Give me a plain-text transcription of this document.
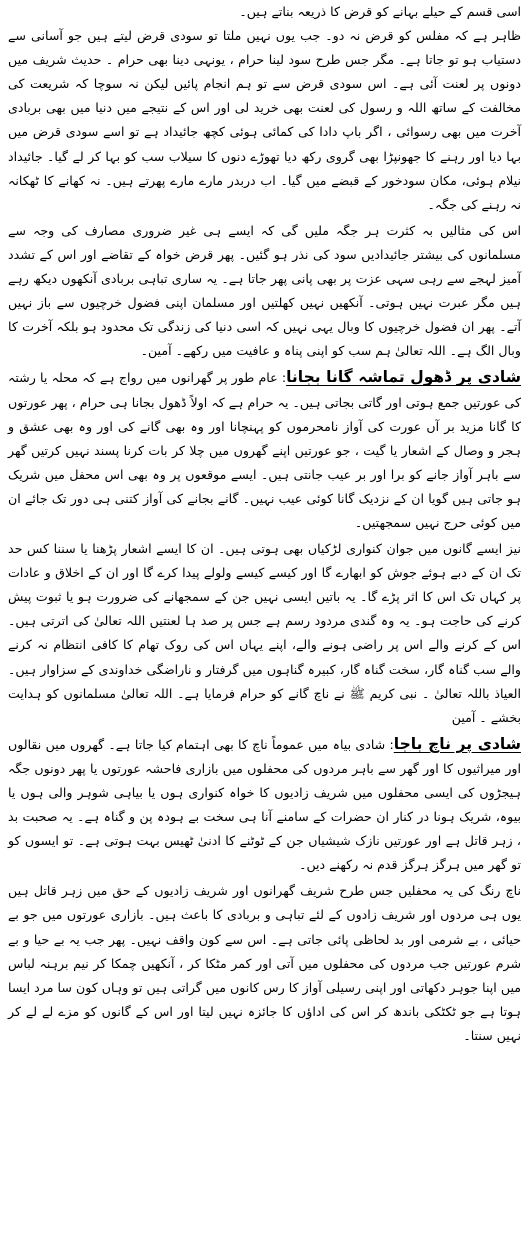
اسی قسم کے حیلے بہانے کو قرض کا ذریعہ بناتے ہیں۔

ظاہر ہے کہ مفلس کو قرض نہ دو۔ جب یوں نہیں ملتا تو سودی قرض لیتے ہیں جو آسانی سے دستیاب ہو تو جاتا ہے۔ مگر جس طرح سود لینا حرام ، یونہی دینا بھی حرام ۔ حدیث شریف میں دونوں پر لعنت آئی ہے۔ اس سودی قرض سے تو ہم انجام پائیں لیکن نہ سوچا کہ شریعت کی مخالفت کے ساتھ اللہ و رسول کی لعنت بھی خرید لی اور اس کے نتیجے میں دنیا میں بھی بربادی آخرت میں بھی رسوائی ، اگر باپ دادا کی کمائی ہوئی کچھ جائیداد ہے تو اسے سودی قرض میں بہا دیا اور رہنے کا جھونپڑا بھی گروی رکھ دیا تھوڑے دنوں کا سیلاب سب کو بہا کر لے گیا۔ جائیداد نیلام ہوئی، مکان سودخور کے قبضے میں گیا۔ اب دربدر مارے مارے پھرتے ہیں۔ نہ کھانے کا ٹھکانہ نہ رہنے کی جگہ۔

اس کی مثالیں بہ کثرت ہر جگہ ملیں گی کہ ایسے ہی غیر ضروری مصارف کی وجہ سے مسلمانوں کی بیشتر جائیدادیں سود کی نذر ہو گئیں۔ پھر قرض خواہ کے تقاضے اور اس کے تشدد آمیز لہجے سے رہی سہی عزت پر بھی پانی پھر جاتا ہے۔ یہ ساری تباہی بربادی آنکھوں دیکھ رہے ہیں مگر عبرت نہیں ہوتی۔ آنکھیں نہیں کھلتیں اور مسلمان اپنی فضول خرچیوں سے باز نہیں آتے۔ پھر ان فضول خرچیوں کا وبال یہی نہیں کہ اسی دنیا کی زندگی تک محدود ہو بلکہ آخرت کا وبال الگ ہے۔ اللہ تعالیٰ ہم سب کو اپنی پناہ و عافیت میں رکھے۔ آمین۔

شادی پر ڈھول تماشہ گانا بجانا: عام طور پر گھرانوں میں رواج ہے کہ محلہ یا رشتہ کی عورتیں جمع ہوتی اور گاتی بجاتی ہیں۔ یہ حرام ہے کہ اولاً ڈھول بجانا ہی حرام ، پھر عورتوں کا گانا مزید بر آں عورت کی آواز نامحرموں کو پہنچانا اور وہ بھی گانے کی اور وہ بھی عشق و ہجر و وصال کے اشعار یا گیت ، جو عورتیں اپنے گھروں میں چلا کر بات کرنا پسند نہیں کرتیں گھر سے باہر آواز جانے کو برا اور بر عیب جانتی ہیں۔ ایسے موقعوں پر وہ بھی اس محفل میں شریک ہو جاتی ہیں گویا ان کے نزدیک گانا کوئی عیب نہیں۔ گانے بجانے کی آواز کتنی ہی دور تک جائے ان میں کوئی حرج نہیں سمجھتیں۔

نیز ایسے گانوں میں جوان کنواری لڑکیاں بھی ہوتی ہیں۔ ان کا ایسے اشعار پڑھنا یا سننا کس حد تک ان کے دبے ہوئے جوش کو ابھارے گا اور کیسے کیسے ولولے پیدا کرے گا اور ان کے اخلاق و عادات پر کہاں تک اس کا اثر پڑے گا۔ یہ باتیں ایسی نہیں جن کے سمجھانے کی ضرورت ہو یا ثبوت پیش کرنے کی حاجت ہو۔ یہ وہ گندی مردود رسم ہے جس پر صد ہا لعنتیں اللہ تعالیٰ کی اترتی ہیں۔ اس کے کرنے والے اس پر راضی ہونے والے، اپنے یہاں اس کی روک تھام کا کافی انتظام نہ کرنے والے سب گناہ گار، سخت گناہ گار، کبیرہ گناہوں میں گرفتار و ناراضگی خداوندی کے سزاوار ہیں۔ العیاذ باللہ تعالیٰ ۔ نبی کریم ﷺ نے ناچ گانے کو حرام فرمایا ہے۔ اللہ تعالیٰ مسلمانوں کو ہدایت بخشے ۔ آمین

شادی پر ناچ باجا: شادی بیاہ میں عموماً ناچ کا بھی اہتمام کیا جاتا ہے۔ گھروں میں نقالوں اور میراثیوں کا اور گھر سے باہر مردوں کی محفلوں میں بازاری فاحشہ عورتوں یا پھر دونوں جگہ ہیجڑوں کی ایسی محفلوں میں شریف زادیوں کا خواہ کنواری ہوں یا بیاہی شوہر والی ہوں یا بیوہ، شریک ہونا در کنار ان حضرات کے سامنے آنا ہی سخت بے ہودہ پن و گناہ ہے۔ یہ صحبت بد ، زہر قاتل ہے اور عورتیں نازک شیشیاں جن کے ٹوٹنے کا ادنیٰ ٹھیس بہت ہوتی ہے۔ تو ایسوں کو تو گھر میں ہرگز ہرگز قدم نہ رکھنے دیں۔

ناچ رنگ کی یہ محفلیں جس طرح شریف گھرانوں اور شریف زادیوں کے حق میں زہر قاتل ہیں یوں ہی مردوں اور شریف زادوں کے لئے تباہی و بربادی کا باعث ہیں۔ بازاری عورتوں میں جو بے حیائی ، بے شرمی اور بد لحاظی پائی جاتی ہے۔ اس سے کون واقف نہیں۔ پھر جب یہ بے حیا و بے شرم عورتیں جب مردوں کی محفلوں میں آتی اور کمر مٹکا کر ، آنکھیں چمکا کر نیم برہنہ لباس میں اپنا جوہر دکھاتی اور اپنی رسیلی آواز کا رس کانوں میں گراتی ہیں تو وہاں کون سا مرد ایسا ہوتا ہے جو ٹکٹکی باندھ کر اس کی اداؤں کا جائزہ نہیں لیتا اور اس کے گانوں کو مزے لے لے کر نہیں سنتا۔
